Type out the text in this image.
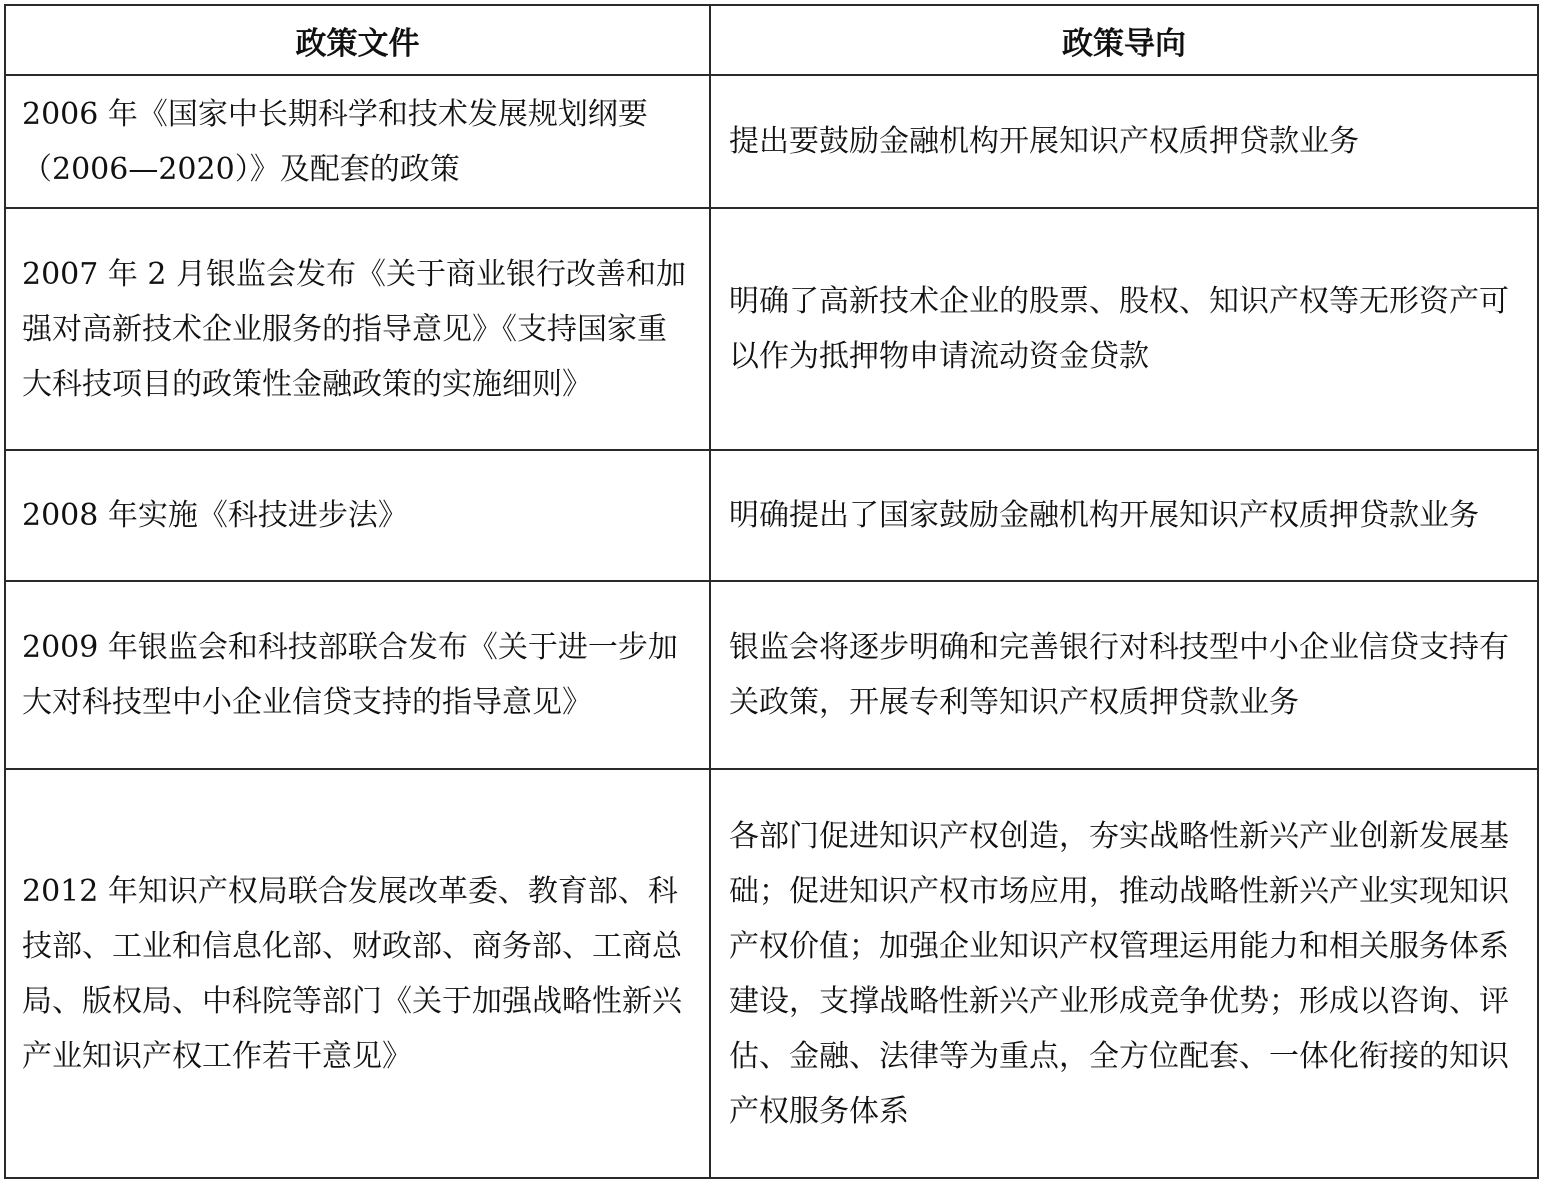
政策文件	政策导向
2006 年《国家中长期科学和技术发展规划纲要（2006—2020）》及配套的政策	提出要鼓励金融机构开展知识产权质押贷款业务
2007 年 2 月银监会发布《关于商业银行改善和加强对高新技术企业服务的指导意见》《支持国家重大科技项目的政策性金融政策的实施细则》	明确了高新技术企业的股票、股权、知识产权等无形资产可以作为抵押物申请流动资金贷款
2008 年实施《科技进步法》	明确提出了国家鼓励金融机构开展知识产权质押贷款业务
2009 年银监会和科技部联合发布《关于进一步加大对科技型中小企业信贷支持的指导意见》	银监会将逐步明确和完善银行对科技型中小企业信贷支持有关政策，开展专利等知识产权质押贷款业务
2012 年知识产权局联合发展改革委、教育部、科技部、工业和信息化部、财政部、商务部、工商总局、版权局、中科院等部门《关于加强战略性新兴产业知识产权工作若干意见》	各部门促进知识产权创造，夯实战略性新兴产业创新发展基础；促进知识产权市场应用，推动战略性新兴产业实现知识产权价值；加强企业知识产权管理运用能力和相关服务体系建设，支撑战略性新兴产业形成竞争优势；形成以咨询、评估、金融、法律等为重点，全方位配套、一体化衔接的知识产权服务体系
